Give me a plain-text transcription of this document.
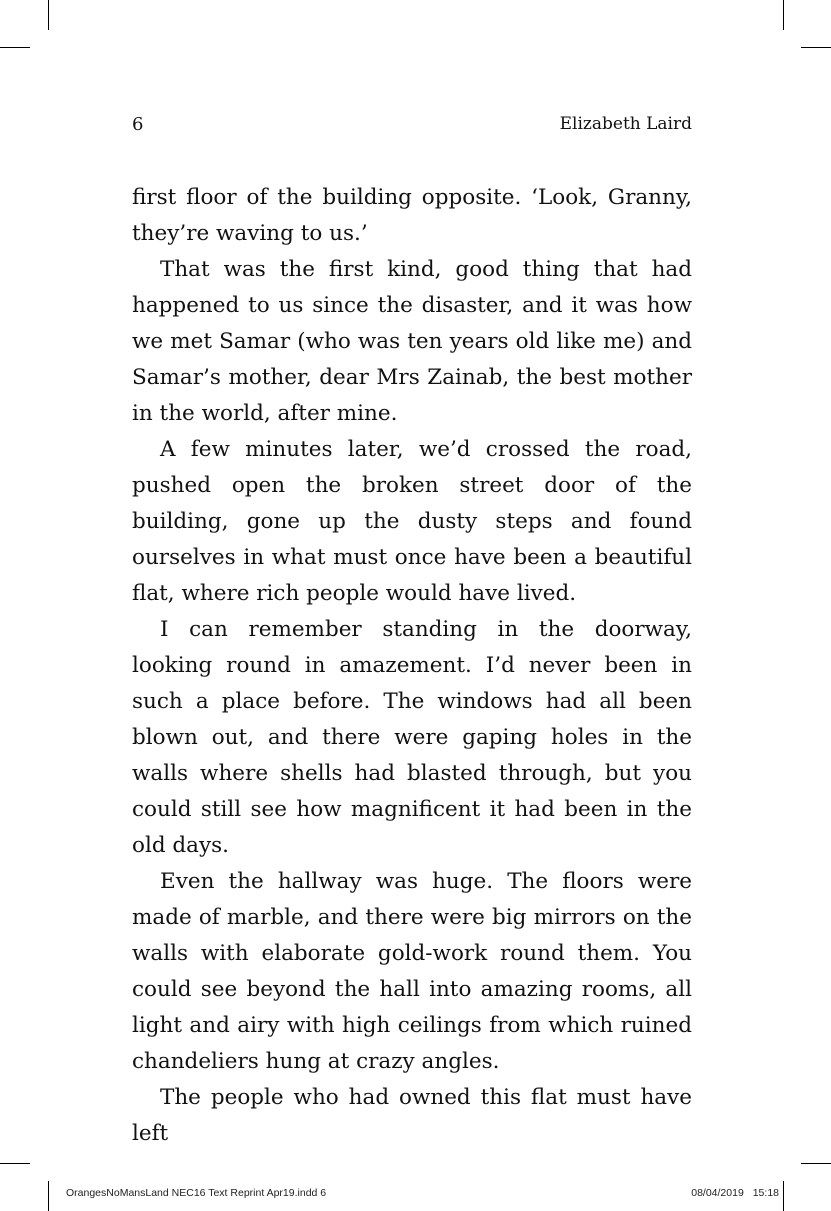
6	Elizabeth Laird

first floor of the building opposite. ‘Look, Granny, they’re waving to us.’

That was the first kind, good thing that had happened to us since the disaster, and it was how we met Samar (who was ten years old like me) and Samar’s mother, dear Mrs Zainab, the best mother in the world, after mine.

A few minutes later, we’d crossed the road, pushed open the broken street door of the building, gone up the dusty steps and found ourselves in what must once have been a beautiful flat, where rich people would have lived.

I can remember standing in the doorway, looking round in amazement. I’d never been in such a place before. The windows had all been blown out, and there were gaping holes in the walls where shells had blasted through, but you could still see how magnificent it had been in the old days.

Even the hallway was huge. The floors were made of marble, and there were big mirrors on the walls with elaborate gold-work round them. You could see beyond the hall into amazing rooms, all light and airy with high ceilings from which ruined chandeliers hung at crazy angles.

The people who had owned this flat must have left

OrangesNoMansLand NEC16 Text Reprint Apr19.indd 6	08/04/2019 15:18
